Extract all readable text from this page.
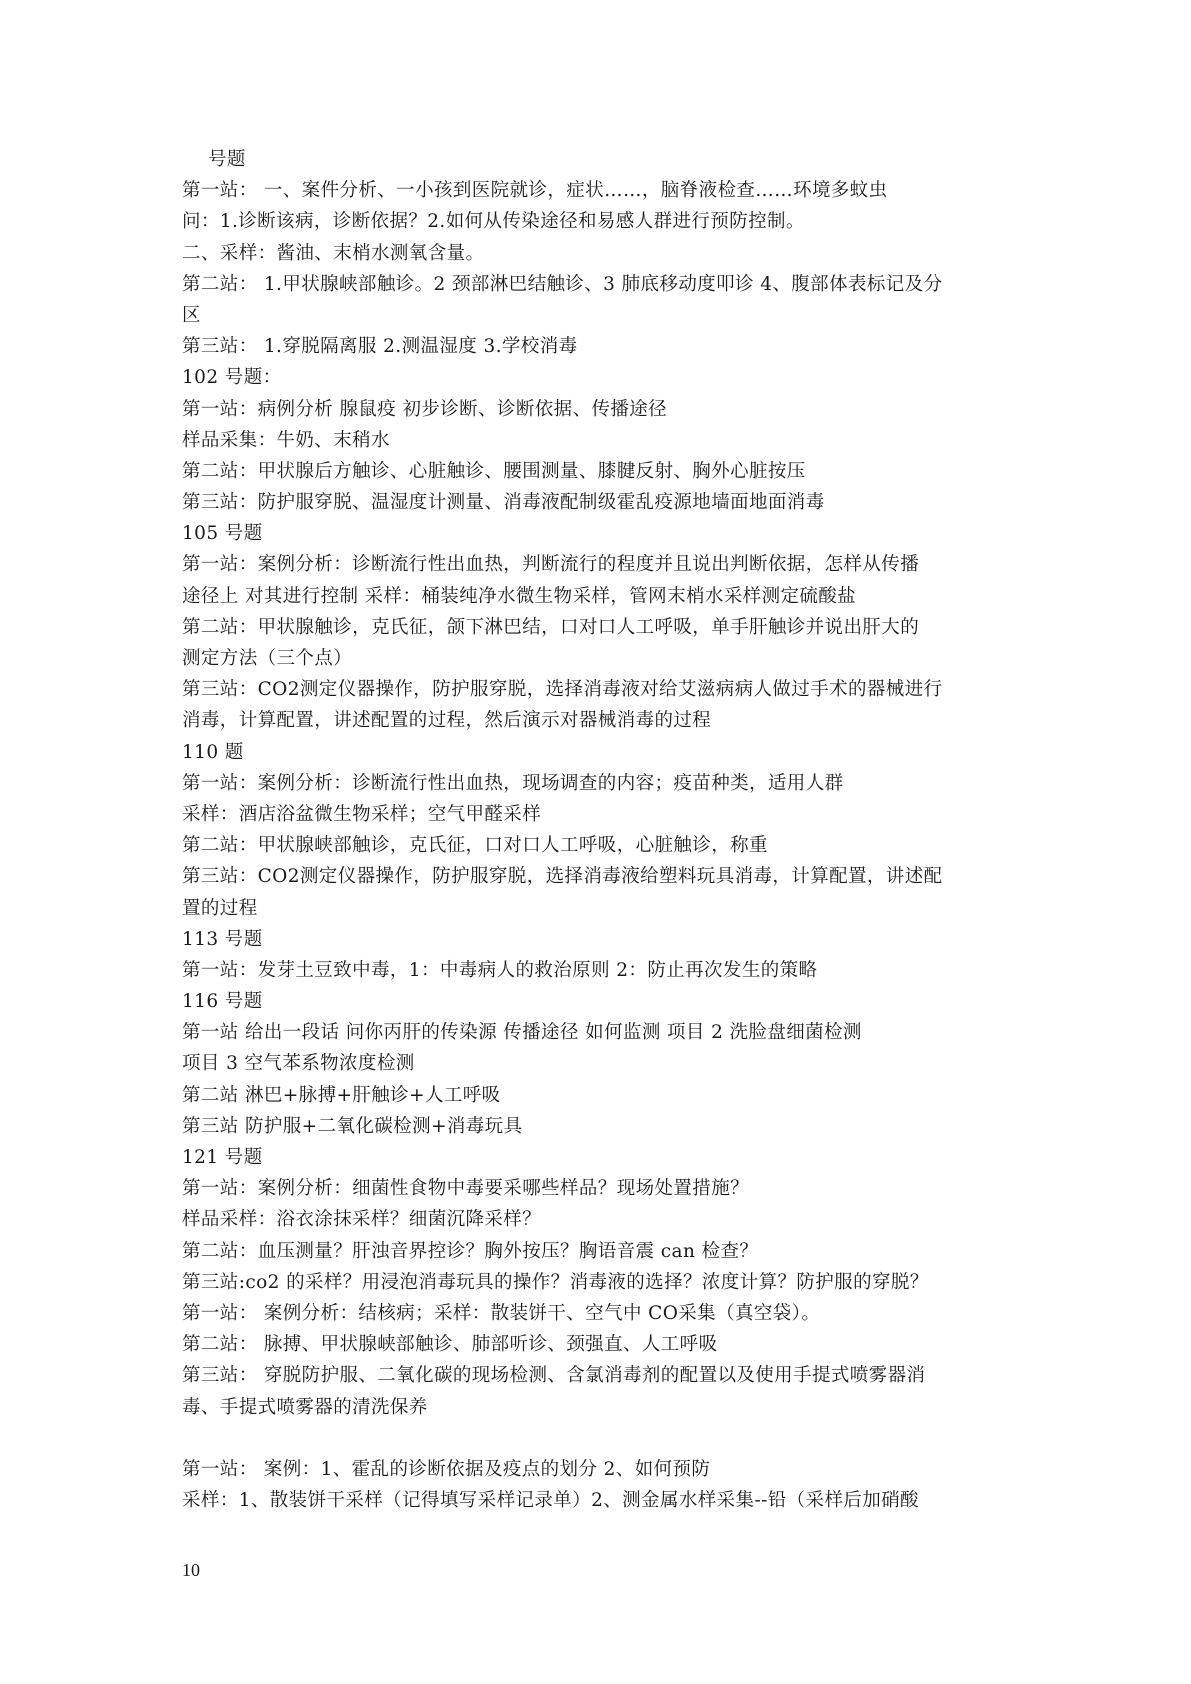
号题
第一站： 一、案件分析、一小孩到医院就诊，症状……，脑脊液检查……环境多蚊虫
问：1.诊断该病，诊断依据？2.如何从传染途径和易感人群进行预防控制。
二、采样：酱油、末梢水测氧含量。
第二站： 1.甲状腺峡部触诊。2 颈部淋巴结触诊、3 肺底移动度叩诊 4、腹部体表标记及分
区
第三站： 1.穿脱隔离服 2.测温湿度 3.学校消毒
102 号题：
第一站：病例分析 腺鼠疫 初步诊断、诊断依据、传播途径
样品采集：牛奶、末稍水
第二站：甲状腺后方触诊、心脏触诊、腰围测量、膝腱反射、胸外心脏按压
第三站：防护服穿脱、温湿度计测量、消毒液配制级霍乱疫源地墙面地面消毒
105 号题
第一站：案例分析：诊断流行性出血热，判断流行的程度并且说出判断依据，怎样从传播
途径上 对其进行控制 采样：桶装纯净水微生物采样，管网末梢水采样测定硫酸盐
第二站：甲状腺触诊，克氏征，颌下淋巴结，口对口人工呼吸，单手肝触诊并说出肝大的
测定方法（三个点）
第三站：CO2测定仪器操作，防护服穿脱，选择消毒液对给艾滋病病人做过手术的器械进行
消毒，计算配置，讲述配置的过程，然后演示对器械消毒的过程
110 题
第一站：案例分析：诊断流行性出血热，现场调查的内容；疫苗种类，适用人群
采样：酒店浴盆微生物采样；空气甲醛采样
第二站：甲状腺峡部触诊，克氏征，口对口人工呼吸，心脏触诊，称重
第三站：CO2测定仪器操作，防护服穿脱，选择消毒液给塑料玩具消毒，计算配置，讲述配
置的过程
113 号题
第一站：发芽土豆致中毒，1：中毒病人的救治原则 2：防止再次发生的策略
116 号题
第一站 给出一段话 问你丙肝的传染源 传播途径 如何监测 项目 2 洗脸盘细菌检测
项目 3 空气苯系物浓度检测
第二站 淋巴+脉搏+肝触诊+人工呼吸
第三站 防护服+二氧化碳检测+消毒玩具
121 号题
第一站：案例分析：细菌性食物中毒要采哪些样品？现场处置措施？
样品采样：浴衣涂抹采样？细菌沉降采样？
第二站：血压测量？肝浊音界控诊？胸外按压？胸语音震 can 检查？
第三站:co2 的采样？用浸泡消毒玩具的操作？消毒液的选择？浓度计算？防护服的穿脱？
第一站： 案例分析：结核病；采样：散装饼干、空气中 CO采集（真空袋）。
第二站： 脉搏、甲状腺峡部触诊、肺部听诊、颈强直、人工呼吸
第三站： 穿脱防护服、二氧化碳的现场检测、含氯消毒剂的配置以及使用手提式喷雾器消
毒、手提式喷雾器的清洗保养
第一站： 案例：1、霍乱的诊断依据及疫点的划分 2、如何预防
采样：1、散装饼干采样（记得填写采样记录单）2、测金属水样采集--铅（采样后加硝酸
10
